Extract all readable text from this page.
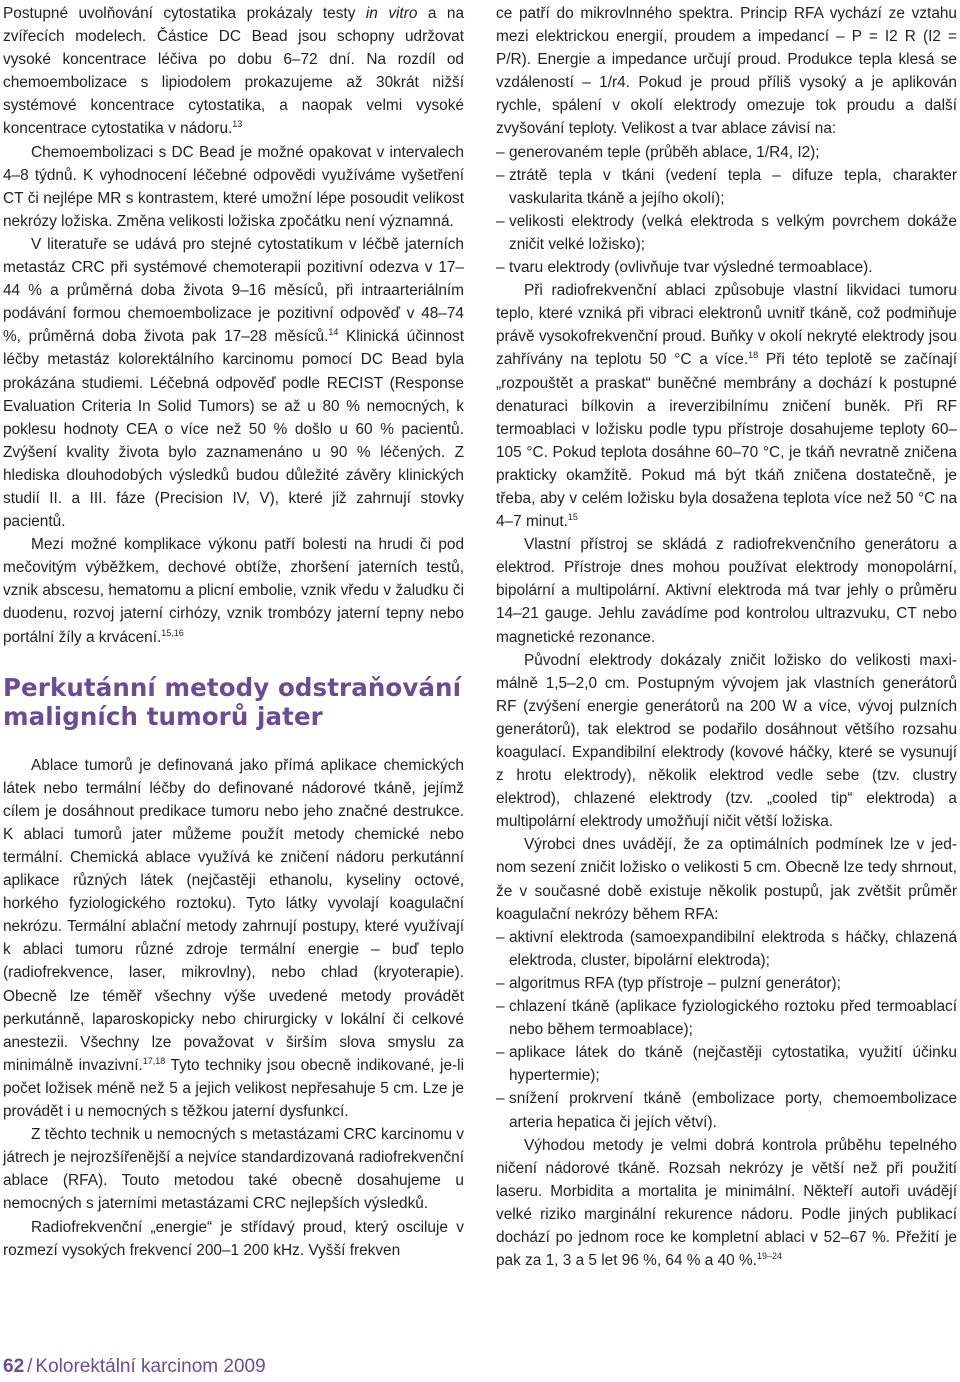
Postupné uvolňování cytostatika prokázaly testy in vitro a na zvířecích modelech. Částice DC Bead jsou schopny udržovat vysoké koncentrace léčiva po dobu 6–72 dní. Na rozdíl od chemoembolizace s lipiodolem prokazujeme až 30krát nižší systémové koncentrace cytostatika, a naopak velmi vysoké koncentrace cytostatika v nádoru.$^{13}$

Chemoembolizaci s DC Bead je možné opakovat v intervalech 4–8 týdnů. K vyhodnocení léčebné odpovědi využíváme vyšetření CT či nejlépe MR s kontrastem, které umožní lépe posoudit velikost nekrózy ložiska. Změna velikosti ložiska zpočátku není významná.

V literatuře se udává pro stejné cytostatikum v léčbě jaterních metastáz CRC při systémové chemoterapii pozitivní odezva v 17–44 % a průměrná doba života 9–16 měsíců, při intraarteriálním podávání formou chemoembolizace je pozitivní odpověď v 48–74 %, průměrná doba života pak 17–28 měsíců.$^{14}$ Klinická účinnost léčby metastáz kolorektálního karcinomu pomocí DC Bead byla prokázána studiemi. Léčebná odpověď podle RECIST (Response Evaluation Criteria In Solid Tumors) se až u 80 % nemocných, k poklesu hodnoty CEA o více než 50 % došlo u 60 % pacientů. Zvýšení kvality života bylo zaznamenáno u 90 % léčených. Z hlediska dlouhodobých výsledků budou důležité závěry klinických studií II. a III. fáze (Precision IV, V), které již zahrnují stovky pacientů.

Mezi možné komplikace výkonu patří bolesti na hrudi či pod mečovitým výběžkem, dechové obtíže, zhoršení jaterních testů, vznik abscesu, hematomu a plicní embolie, vznik vředu v žaludku či duodenu, rozvoj jaterní cirhózy, vznik trombózy jaterní tepny nebo portální žíly a krvácení.$^{15,16}$

Perkutánní metody odstraňování maligních tumorů jater

Ablace tumorů je definovaná jako přímá aplikace chemických látek nebo termální léčby do definované nádorové tkáně, jejímž cílem je dosáhnout predikace tumoru nebo jeho značné destrukce. K ablaci tumorů jater můžeme použít metody chemické nebo termální. Chemická ablace využívá ke zničení nádoru perkutánní aplikace různých látek (nejčastěji ethanolu, kyseliny octové, horkého fyziologického roztoku). Tyto látky vyvolají koagulační nekrózu. Termální ablační metody zahrnují postupy, které využívají k ablaci tumoru různé zdroje termální energie – buď teplo (radiofrekvence, laser, mikrovlny), nebo chlad (kryoterapie). Obecně lze téměř všechny výše uvedené metody provádět perkutánně, laparoskopicky nebo chirurgicky v lokální či celkové anestezii. Všechny lze považovat v širším slova smyslu za minimálně invazivní.$^{17,18}$ Tyto techniky jsou obecně indikované, je-li počet ložisek méně než 5 a jejich velikost nepřesahuje 5 cm. Lze je provádět i u nemocných s těžkou jaterní dysfunkcí.

Z těchto technik u nemocných s metastázami CRC karcinomu v játrech je nejrozšířenější a nejvíce standardizovaná radiofrekvenční ablace (RFA). Touto metodou také obecně dosahujeme u nemocných s jaterními metastázami CRC nejlepších výsledků.

Radiofrekvenční „energie“ je střídavý proud, který osciluje v rozmezí vysokých frekvencí 200–1 200 kHz. Vyšší frekven

ce patří do mikrovlnného spektra. Princip RFA vychází ze vztahu mezi elektrickou energií, proudem a impedancí – P = I2 R (I2 = P/R). Energie a impedance určují proud. Produkce tepla klesá se vzdáleností – 1/r4. Pokud je proud příliš vysoký a je aplikován rychle, spálení v okolí elektrody omezuje tok proudu a další zvyšování teploty. Velikost a tvar ablace závisí na:

– generovaném teple (průběh ablace, 1/R4, I2);
– ztrátě tepla v tkáni (vedení tepla – difuze tepla, charakter vaskularita tkáně a jejího okolí);
– velikosti elektrody (velká elektroda s velkým povrchem dokáže zničit velké ložisko);
– tvaru elektrody (ovlivňuje tvar výsledné termoablace).

Při radiofrekvenční ablaci způsobuje vlastní likvidaci tumoru teplo, které vzniká při vibraci elektronů uvnitř tkáně, což podmiňuje právě vysokofrekvenční proud. Buňky v okolí nekryté elektrody jsou zahřívány na teplotu 50 °C a více.$^{18}$ Při této teplotě se začínají „rozpouštět a praskat“ buněčné membrány a dochází k postupné denaturaci bílkovin a ireverzibilnímu zničení buněk. Při RF termoablaci v ložisku podle typu přístroje dosahujeme teploty 60–105 °C. Pokud teplota dosáhne 60–70 °C, je tkáň nevratně zničena prakticky okamžitě. Pokud má být tkáň zničena dostatečně, je třeba, aby v celém ložisku byla dosažena teplota více než 50 °C na 4–7 minut.$^{15}$

Vlastní přístroj se skládá z radiofrekvenčního generátoru a elektrod. Přístroje dnes mohou používat elektrody monopolární, bipolární a multipolární. Aktivní elektroda má tvar jehly o průměru 14–21 gauge. Jehlu zavádíme pod kontrolou ultrazvuku, CT nebo magnetické rezonance.

Původní elektrody dokázaly zničit ložisko do velikosti maximálně 1,5–2,0 cm. Postupným vývojem jak vlastních generátorů RF (zvýšení energie generátorů na 200 W a více, vývoj pulzních generátorů), tak elektrod se podařilo dosáhnout většího rozsahu koagulací. Expandibilní elektrody (kovové háčky, které se vysunují z hrotu elektrody), několik elektrod vedle sebe (tzv. clustry elektrod), chlazené elektrody (tzv. „cooled tip“ elektroda) a multipolární elektrody umožňují ničit větší ložiska.

Výrobci dnes uvádějí, že za optimálních podmínek lze v jednom sezení zničit ložisko o velikosti 5 cm. Obecně lze tedy shrnout, že v současné době existuje několik postupů, jak zvětšit průměr koagulační nekrózy během RFA:

– aktivní elektroda (samoexpandibilní elektroda s háčky, chlazená elektroda, cluster, bipolární elektroda);
– algoritmus RFA (typ přístroje – pulzní generátor);
– chlazení tkáně (aplikace fyziologického roztoku před termoablací nebo během termoablace);
– aplikace látek do tkáně (nejčastěji cytostatika, využití účinku hypertermie);
– snížení prokrvení tkáně (embolizace porty, chemoembolizace arteria hepatica či jejích větví).

Výhodou metody je velmi dobrá kontrola průběhu tepelného ničení nádorové tkáně. Rozsah nekrózy je větší než při použití laseru. Morbidita a mortalita je minimální. Někteří autoři uvádějí velké riziko marginální rekurence nádoru. Podle jiných publikací dochází po jednom roce ke kompletní ablaci v 52–67 %. Přežití je pak za 1, 3 a 5 let 96 %, 64 % a 40 %.$^{19-24}$

62 / Kolorektální karcinom 2009
